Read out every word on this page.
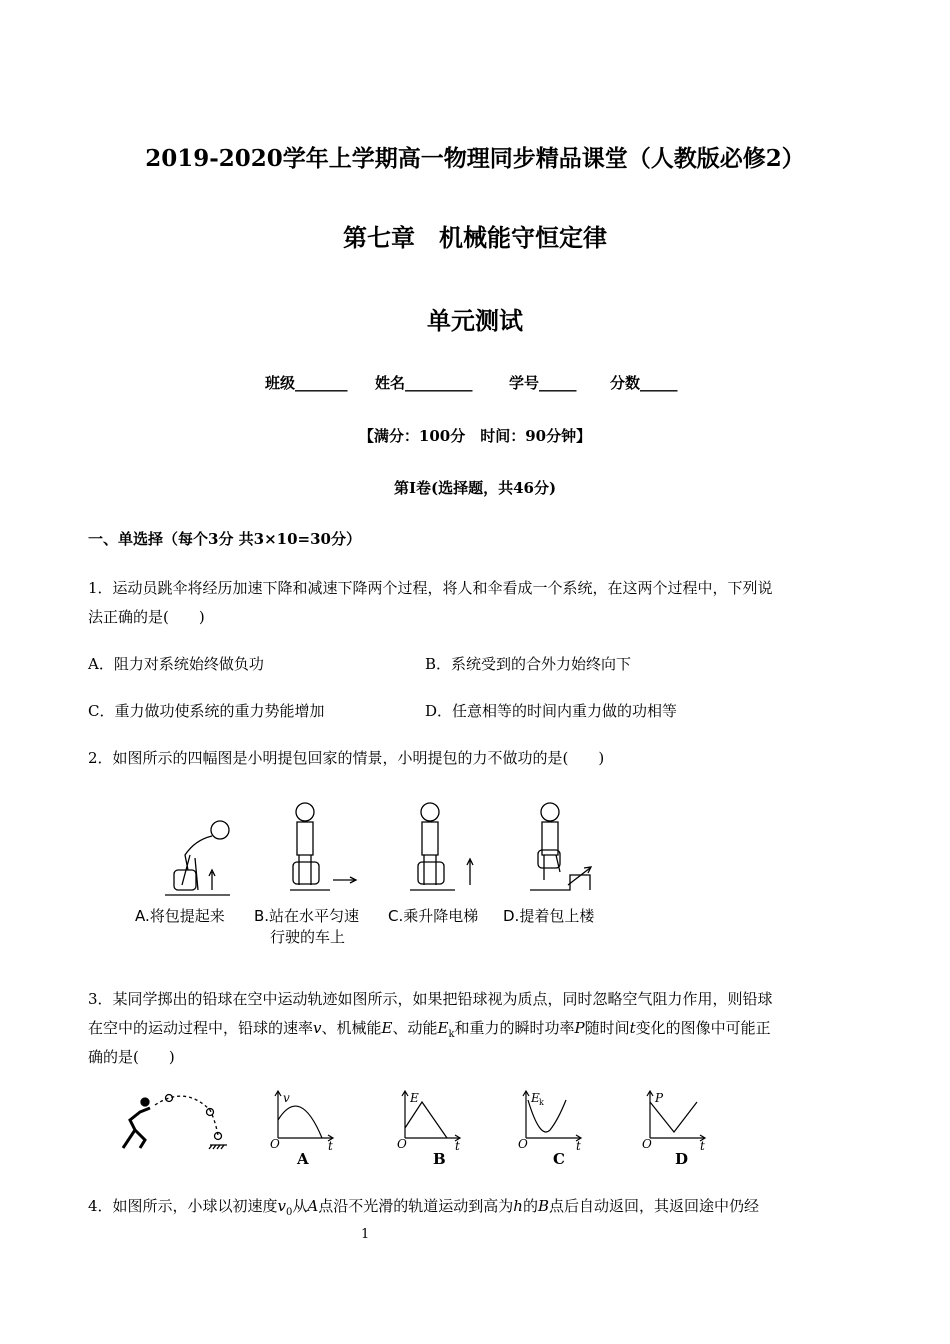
2019-2020学年上学期高一物理同步精品课堂（人教版必修2）
第七章　机械能守恒定律
单元测试
班级_______ 姓名_________ 学号_____ 分数_____
【满分：100分　时间：90分钟】
第Ⅰ卷(选择题，共46分)
一、单选择（每个3分 共3×10=30分）
1．运动员跳伞将经历加速下降和减速下降两个过程，将人和伞看成一个系统，在这两个过程中，下列说
法正确的是(　　)
A．阻力对系统始终做负功	B．系统受到的合外力始终向下
C．重力做功使系统的重力势能增加	D．任意相等的时间内重力做的功相等
2．如图所示的四幅图是小明提包回家的情景，小明提包的力不做功的是(　　)
A.将包提起来 B.站在水平匀速
行驶的车上
C.乘升降电梯 D.提着包上楼
3．某同学掷出的铅球在空中运动轨迹如图所示，如果把铅球视为质点，同时忽略空气阻力作用，则铅球
在空中的运动过程中，铅球的速率v、机械能E、动能$E_k$和重力的瞬时功率P随时间t变化的图像中可能正
确的是(　　)
O	t
v
A
O	t
E
B
O	t
E k
C
O	t
P
D
4．如图所示，小球以初速度$v_0$从A点沿不光滑的轨道运动到高为h的B点后自动返回，其返回途中仍经
1
